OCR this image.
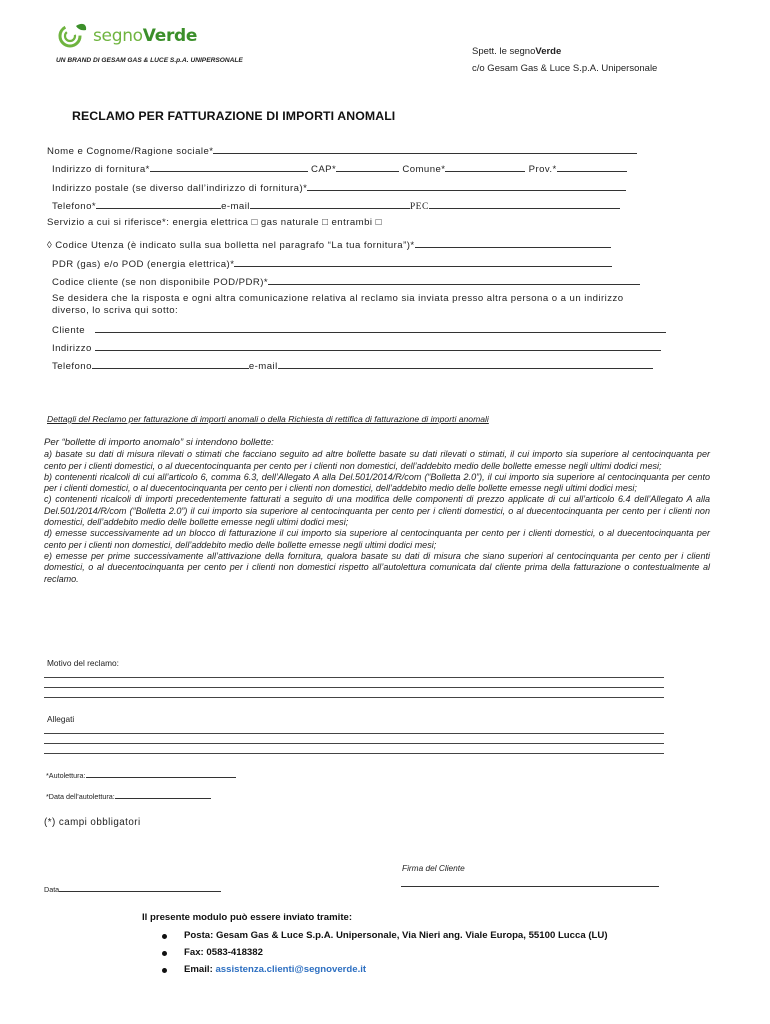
segnoVerde
UN BRAND DI GESAM GAS & LUCE S.p.A. UNIPERSONALE
Spett. le segnoVerde
c/o Gesam Gas & Luce S.p.A. Unipersonale
RECLAMO PER FATTURAZIONE DI IMPORTI ANOMALI
Nome e Cognome/Ragione sociale*
Indirizzo di fornitura*	CAP*	Comune*	Prov.*
Indirizzo postale (se diverso dall’indirizzo di fornitura)*
Telefono*	e-mail	PEC
Servizio a cui si riferisce*: energia elettrica □ gas naturale □ entrambi □
◊ Codice Utenza (è indicato sulla sua bolletta nel paragrafo “La tua fornitura”)*
PDR (gas) e/o POD (energia elettrica)*
Codice cliente (se non disponibile POD/PDR)*
Se desidera che la risposta e ogni altra comunicazione relativa al reclamo sia inviata presso altra persona o a un indirizzo
diverso, lo scriva qui sotto:
Cliente
Indirizzo
Telefono	e-mail
Dettagli del Reclamo per fatturazione di importi anomali o della Richiesta di rettifica di fatturazione di importi anomali

Per “bollette di importo anomalo” si intendono bollette:

a) basate su dati di misura rilevati o stimati che facciano seguito ad altre bollette basate su dati rilevati o stimati, il cui importo sia superiore al centocinquanta per cento per i clienti domestici, o al duecentocinquanta per cento per i clienti non domestici, dell’addebito medio delle bollette emesse negli ultimi dodici mesi;

b) contenenti ricalcoli di cui all’articolo 6, comma 6.3, dell’Allegato A alla Del.501/2014/R/com (“Bolletta 2.0”), il cui importo sia superiore al centocinquanta per cento per i clienti domestici, o al duecentocinquanta per cento per i clienti non domestici, dell’addebito medio delle bollette emesse negli ultimi dodici mesi;

c) contenenti ricalcoli di importi precedentemente fatturati a seguito di una modifica delle componenti di prezzo applicate di cui all’articolo 6.4 dell’Allegato A alla Del.501/2014/R/com (“Bolletta 2.0”) il cui importo sia superiore al centocinquanta per cento per i clienti domestici, o al duecentocinquanta per cento per i clienti non domestici, dell’addebito medio delle bollette emesse negli ultimi dodici mesi;

d) emesse successivamente ad un blocco di fatturazione il cui importo sia superiore al centocinquanta per cento per i clienti domestici, o al duecentocinquanta per cento per i clienti non domestici, dell’addebito medio delle bollette emesse negli ultimi dodici mesi;

e) emesse per prime successivamente all’attivazione della fornitura, qualora basate su dati di misura che siano superiori al centocinquanta per cento per i clienti domestici, o al duecentocinquanta per cento per i clienti non domestici rispetto all’autolettura comunicata dal cliente prima della fatturazione o contestualmente al reclamo.

Motivo del reclamo:
Allegati
*Autolettura:
*Data dell’autolettura:
(*) campi obbligatori
Firma del Cliente
Data
Il presente modulo può essere inviato tramite:
Posta: Gesam Gas & Luce S.p.A. Unipersonale, Via Nieri ang. Viale Europa, 55100 Lucca (LU)
Fax: 0583-418382
Email: assistenza.clienti@segnoverde.it
